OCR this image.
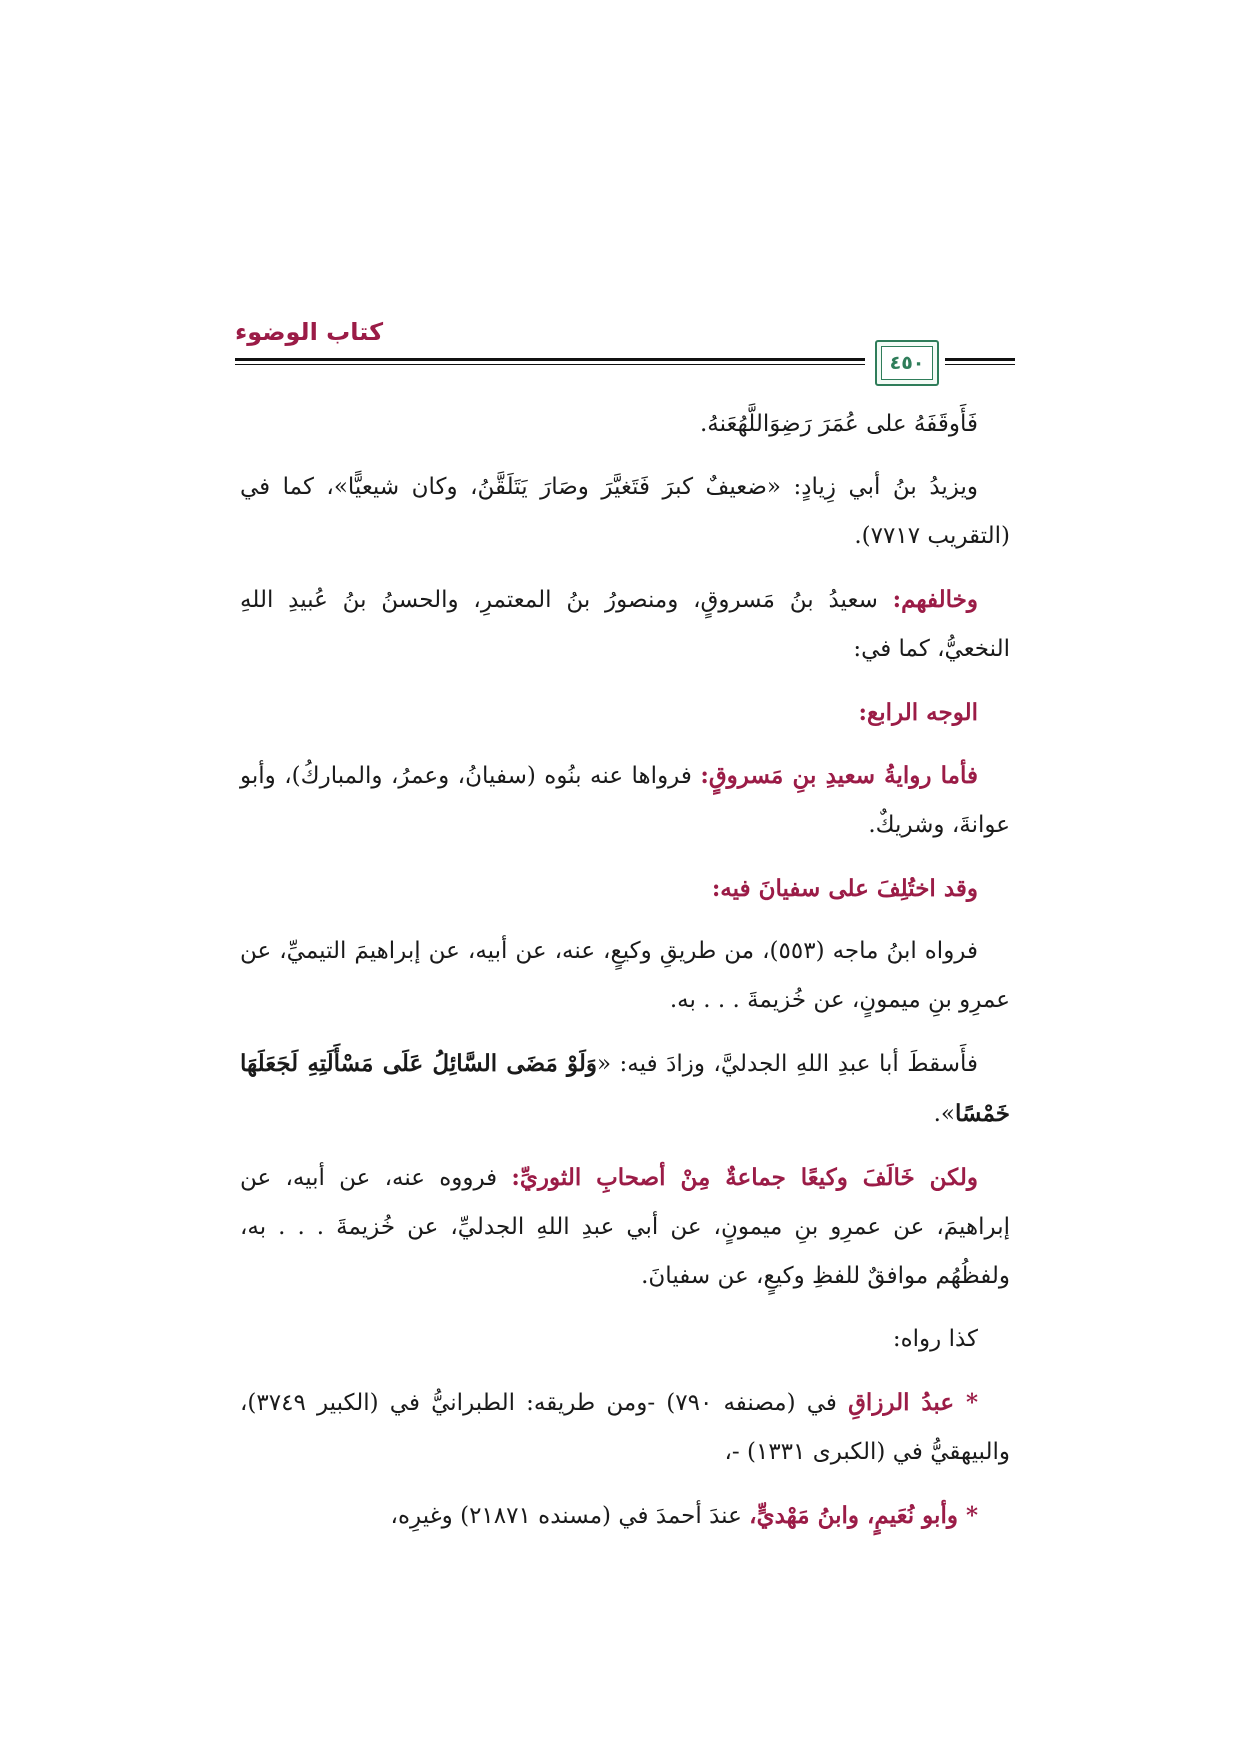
كتاب الوضوء
٤٥٠

فَأَوقَفَهُ على عُمَرَ رَضِوَاللَّهُعَنهُ.

ويزيدُ بنُ أبي زِيادٍ: «ضعيفٌ كبرَ فَتَغيَّرَ وصَارَ يَتَلَقَّنُ، وكان شيعيًّا»، كما في (التقريب ٧٧١٧).

وخالفهم: سعيدُ بنُ مَسروقٍ، ومنصورُ بنُ المعتمرِ، والحسنُ بنُ عُبيدِ اللهِ النخعيُّ، كما في:

الوجه الرابع:

فأما روايةُ سعيدِ بنِ مَسروقٍ: فرواها عنه بنُوه (سفيانُ، وعمرُ، والمباركُ)، وأبو عوانةَ، وشريكٌ.

وقد اختُلِفَ على سفيانَ فيه:

فرواه ابنُ ماجه (٥٥٣)، من طريقِ وكيعٍ، عنه، عن أبيه، عن إبراهيمَ التيميِّ، عن عمرِو بنِ ميمونٍ، عن خُزيمةَ . . . به.

فأَسقطَ أبا عبدِ اللهِ الجدليَّ، وزادَ فيه: «وَلَوْ مَضَى السَّائِلُ عَلَى مَسْأَلَتِهِ لَجَعَلَهَا خَمْسًا».

ولكن خَالَفَ وكيعًا جماعةٌ مِنْ أصحابِ الثوريِّ: فرووه عنه، عن أبيه، عن إبراهيمَ، عن عمرِو بنِ ميمونٍ، عن أبي عبدِ اللهِ الجدليِّ، عن خُزيمةَ . . . به، ولفظُهُم موافقٌ للفظِ وكيعٍ، عن سفيانَ.

كذا رواه:

* عبدُ الرزاقِ في (مصنفه ٧٩٠) -ومن طريقه: الطبرانيُّ في (الكبير ٣٧٤٩)، والبيهقيُّ في (الكبرى ١٣٣١) -،

* وأبو نُعَيمٍ، وابنُ مَهْديٍّ، عندَ أحمدَ في (مسنده ٢١٨٧١) وغيرِه،
